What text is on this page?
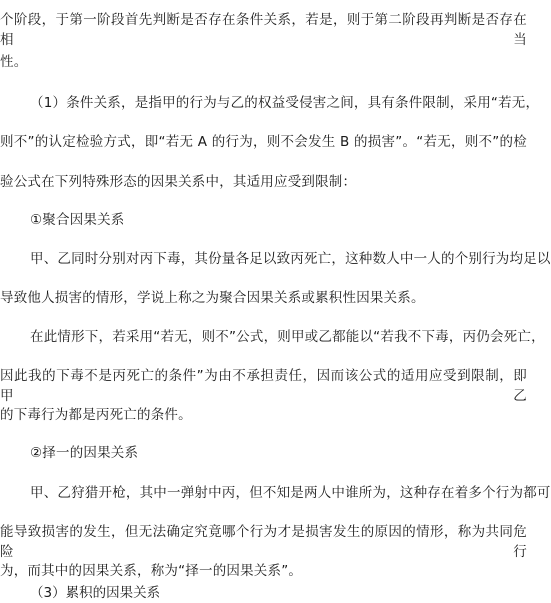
个阶段，于第一阶段首先判断是否存在条件关系，若是，则于第二阶段再判断是否存在相当
性。
（1）条件关系，是指甲的行为与乙的权益受侵害之间，具有条件限制，采用“若无，
则不”的认定检验方式，即“若无 A 的行为，则不会发生 B 的损害”。“若无，则不”的检
验公式在下列特殊形态的因果关系中，其适用应受到限制：
①聚合因果关系
甲、乙同时分别对丙下毒，其份量各足以致丙死亡，这种数人中一人的个别行为均足以
导致他人损害的情形，学说上称之为聚合因果关系或累积性因果关系。
在此情形下，若采用“若无，则不”公式，则甲或乙都能以“若我不下毒，丙仍会死亡，
因此我的下毒不是丙死亡的条件”为由不承担责任，因而该公式的适用应受到限制，即甲乙
的下毒行为都是丙死亡的条件。
②择一的因果关系
甲、乙狩猎开枪，其中一弹射中丙，但不知是两人中谁所为，这种存在着多个行为都可
能导致损害的发生，但无法确定究竟哪个行为才是损害发生的原因的情形，称为共同危险行
为，而其中的因果关系，称为“择一的因果关系”。
（3）累积的因果关系
